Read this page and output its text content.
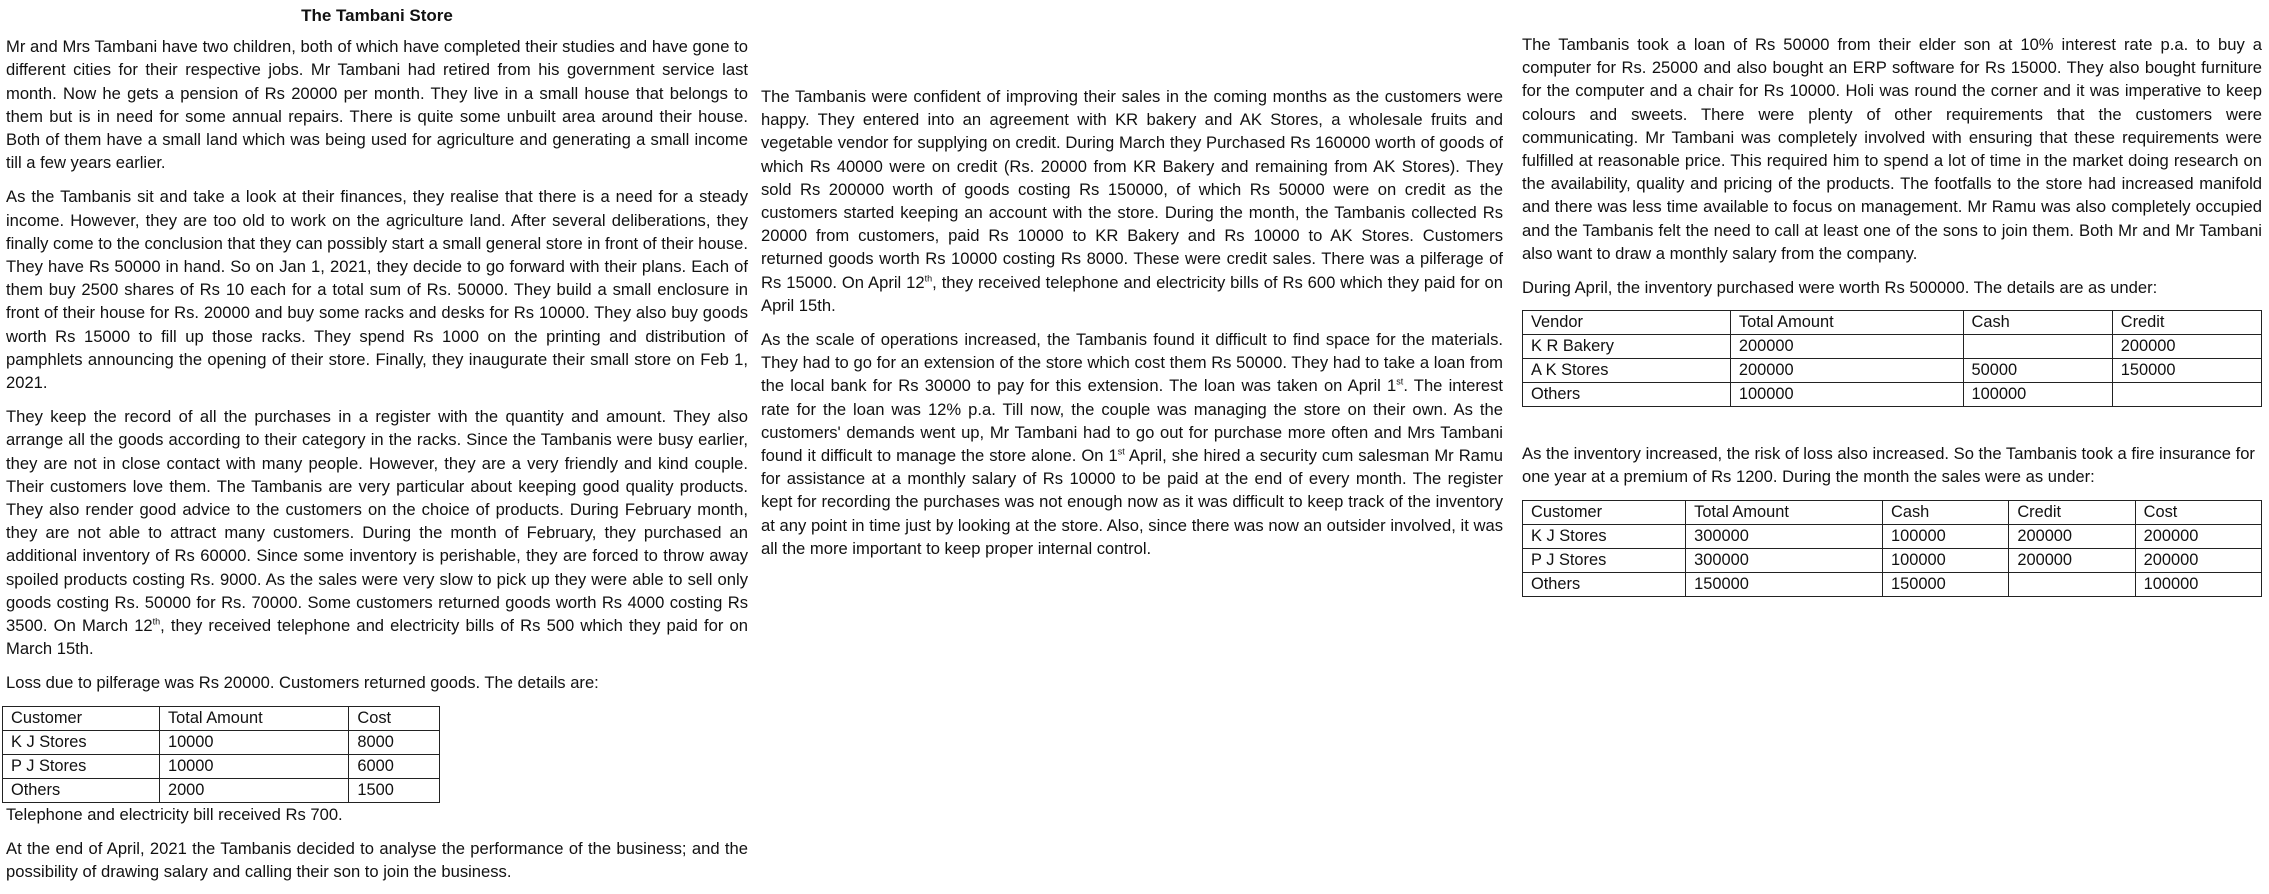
The Tambani Store

Mr and Mrs Tambani have two children, both of which have completed their studies and have gone to different cities for their respective jobs. Mr Tambani had retired from his government service last month. Now he gets a pension of Rs 20000 per month. They live in a small house that belongs to them but is in need for some annual repairs. There is quite some unbuilt area around their house. Both of them have a small land which was being used for agriculture and generating a small income till a few years earlier.

As the Tambanis sit and take a look at their finances, they realise that there is a need for a steady income. However, they are too old to work on the agriculture land. After several deliberations, they finally come to the conclusion that they can possibly start a small general store in front of their house. They have Rs 50000 in hand. So on Jan 1, 2021, they decide to go forward with their plans. Each of them buy 2500 shares of Rs 10 each for a total sum of Rs. 50000. They build a small enclosure in front of their house for Rs. 20000 and buy some racks and desks for Rs 10000. They also buy goods worth Rs 15000 to fill up those racks. They spend Rs 1000 on the printing and distribution of pamphlets announcing the opening of their store. Finally, they inaugurate their small store on Feb 1, 2021.

They keep the record of all the purchases in a register with the quantity and amount. They also arrange all the goods according to their category in the racks. Since the Tambanis were busy earlier, they are not in close contact with many people. However, they are a very friendly and kind couple. Their customers love them. The Tambanis are very particular about keeping good quality products. They also render good advice to the customers on the choice of products. During February month, they are not able to attract many customers. During the month of February, they purchased an additional inventory of Rs 60000. Since some inventory is perishable, they are forced to throw away spoiled products costing Rs. 9000. As the sales were very slow to pick up they were able to sell only goods costing Rs. 50000 for Rs. 70000. Some customers returned goods worth Rs 4000 costing Rs 3500. On March 12th, they received telephone and electricity bills of Rs 500 which they paid for on March 15th.

Loss due to pilferage was Rs 20000. Customers returned goods. The details are:

Customer	Total Amount	Cost
K J Stores	10000	8000
P J Stores	10000	6000
Others	2000	1500

Telephone and electricity bill received Rs 700.

At the end of April, 2021 the Tambanis decided to analyse the performance of the business; and the possibility of drawing salary and calling their son to join the business.

The Tambanis were confident of improving their sales in the coming months as the customers were happy. They entered into an agreement with KR bakery and AK Stores, a wholesale fruits and vegetable vendor for supplying on credit. During March they Purchased Rs 160000 worth of goods of which Rs 40000 were on credit (Rs. 20000 from KR Bakery and remaining from AK Stores). They sold Rs 200000 worth of goods costing Rs 150000, of which Rs 50000 were on credit as the customers started keeping an account with the store. During the month, the Tambanis collected Rs 20000 from customers, paid Rs 10000 to KR Bakery and Rs 10000 to AK Stores. Customers returned goods worth Rs 10000 costing Rs 8000. These were credit sales. There was a pilferage of Rs 15000. On April 12th, they received telephone and electricity bills of Rs 600 which they paid for on April 15th.

As the scale of operations increased, the Tambanis found it difficult to find space for the materials. They had to go for an extension of the store which cost them Rs 50000. They had to take a loan from the local bank for Rs 30000 to pay for this extension. The loan was taken on April 1st. The interest rate for the loan was 12% p.a. Till now, the couple was managing the store on their own. As the customers' demands went up, Mr Tambani had to go out for purchase more often and Mrs Tambani found it difficult to manage the store alone. On 1st April, she hired a security cum salesman Mr Ramu for assistance at a monthly salary of Rs 10000 to be paid at the end of every month. The register kept for recording the purchases was not enough now as it was difficult to keep track of the inventory at any point in time just by looking at the store. Also, since there was now an outsider involved, it was all the more important to keep proper internal control.

The Tambanis took a loan of Rs 50000 from their elder son at 10% interest rate p.a. to buy a computer for Rs. 25000 and also bought an ERP software for Rs 15000. They also bought furniture for the computer and a chair for Rs 10000. Holi was round the corner and it was imperative to keep colours and sweets. There were plenty of other requirements that the customers were communicating. Mr Tambani was completely involved with ensuring that these requirements were fulfilled at reasonable price. This required him to spend a lot of time in the market doing research on the availability, quality and pricing of the products. The footfalls to the store had increased manifold and there was less time available to focus on management. Mr Ramu was also completely occupied and the Tambanis felt the need to call at least one of the sons to join them. Both Mr and Mr Tambani also want to draw a monthly salary from the company.

During April, the inventory purchased were worth Rs 500000. The details are as under:

Vendor	Total Amount	Cash	Credit
K R Bakery	200000		200000
A K Stores	200000	50000	150000
Others	100000	100000	

As the inventory increased, the risk of loss also increased. So the Tambanis took a fire insurance for one year at a premium of Rs 1200. During the month the sales were as under:

Customer	Total Amount	Cash	Credit	Cost
K J Stores	300000	100000	200000	200000
P J Stores	300000	100000	200000	200000
Others	150000	150000		100000
